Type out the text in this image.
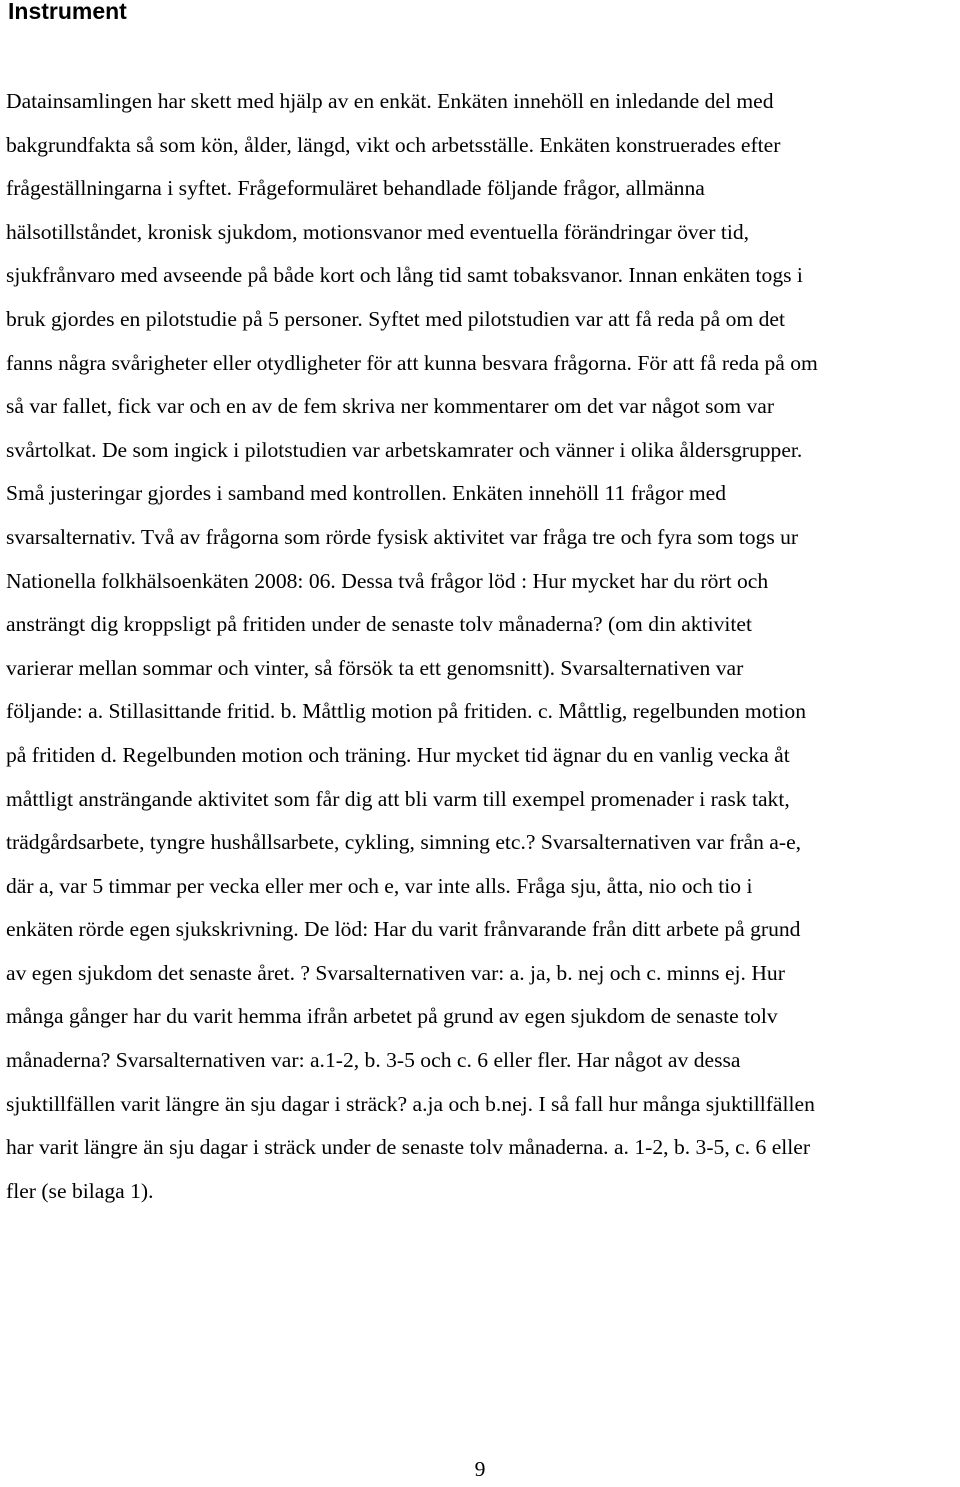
Instrument

Datainsamlingen har skett med hjälp av en enkät. Enkäten innehöll en inledande del med
bakgrundfakta så som kön, ålder, längd, vikt och arbetsställe. Enkäten konstruerades efter
frågeställningarna i syftet. Frågeformuläret behandlade följande frågor, allmänna
hälsotillståndet, kronisk sjukdom, motionsvanor med eventuella förändringar över tid,
sjukfrånvaro med avseende på både kort och lång tid samt tobaksvanor. Innan enkäten togs i
bruk gjordes en pilotstudie på 5 personer. Syftet med pilotstudien var att få reda på om det
fanns några svårigheter eller otydligheter för att kunna besvara frågorna. För att få reda på om
så var fallet, fick var och en av de fem skriva ner kommentarer om det var något som var
svårtolkat. De som ingick i pilotstudien var arbetskamrater och vänner i olika åldersgrupper.
Små justeringar gjordes i samband med kontrollen. Enkäten innehöll 11 frågor med
svarsalternativ. Två av frågorna som rörde fysisk aktivitet var fråga tre och fyra som togs ur
Nationella folkhälsoenkäten 2008: 06. Dessa två frågor löd : Hur mycket har du rört och
ansträngt dig kroppsligt på fritiden under de senaste tolv månaderna? (om din aktivitet
varierar mellan sommar och vinter, så försök ta ett genomsnitt). Svarsalternativen var
följande: a. Stillasittande fritid. b. Måttlig motion på fritiden. c. Måttlig, regelbunden motion
på fritiden d. Regelbunden motion och träning. Hur mycket tid ägnar du en vanlig vecka åt
måttligt ansträngande aktivitet som får dig att bli varm till exempel promenader i rask takt,
trädgårdsarbete, tyngre hushållsarbete, cykling, simning etc.? Svarsalternativen var från a-e,
där a, var 5 timmar per vecka eller mer och e, var inte alls. Fråga sju, åtta, nio och tio i
enkäten rörde egen sjukskrivning. De löd: Har du varit frånvarande från ditt arbete på grund
av egen sjukdom det senaste året. ? Svarsalternativen var: a. ja, b. nej och c. minns ej. Hur
många gånger har du varit hemma ifrån arbetet på grund av egen sjukdom de senaste tolv
månaderna? Svarsalternativen var: a.1-2, b. 3-5 och c. 6 eller fler. Har något av dessa
sjuktillfällen varit längre än sju dagar i sträck? a.ja och b.nej. I så fall hur många sjuktillfällen
har varit längre än sju dagar i sträck under de senaste tolv månaderna. a. 1-2, b. 3-5, c. 6 eller
fler (se bilaga 1).

9
